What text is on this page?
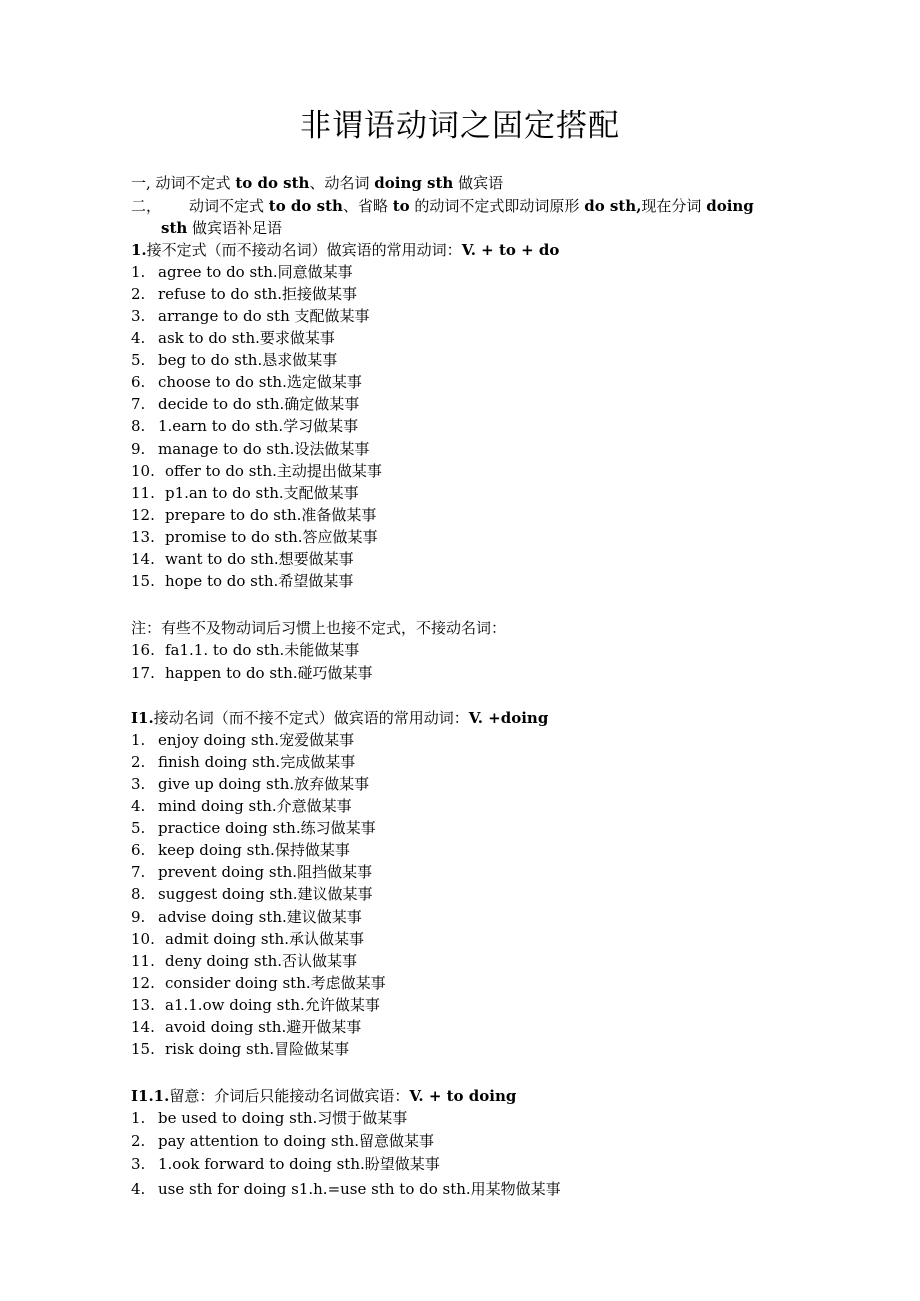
非谓语动词之固定搭配
一, 动词不定式 to do sth、动名词 doing sth 做宾语
二， 动词不定式 to do sth、省略 to 的动词不定式即动词原形 do sth,现在分词 doing
sth 做宾语补足语
1.接不定式（而不接动名词）做宾语的常用动词：V. + to + do
1. agree to do sth.同意做某事
2. refuse to do sth.拒接做某事
3. arrange to do sth 支配做某事
4. ask to do sth.要求做某事
5. beg to do sth.恳求做某事
6. choose to do sth.选定做某事
7. decide to do sth.确定做某事
8. 1.earn to do sth.学习做某事
9. manage to do sth.设法做某事
10. offer to do sth.主动提出做某事
11. p1.an to do sth.支配做某事
12. prepare to do sth.准备做某事
13. promise to do sth.答应做某事
14. want to do sth.想要做某事
15. hope to do sth.希望做某事
注：有些不及物动词后习惯上也接不定式，不接动名词：
16. fa1.1. to do sth.未能做某事
17. happen to do sth.碰巧做某事
I1.接动名词（而不接不定式）做宾语的常用动词：V. +doing
1. enjoy doing sth.宠爱做某事
2. finish doing sth.完成做某事
3. give up doing sth.放弃做某事
4. mind doing sth.介意做某事
5. practice doing sth.练习做某事
6. keep doing sth.保持做某事
7. prevent doing sth.阻挡做某事
8. suggest doing sth.建议做某事
9. advise doing sth.建议做某事
10. admit doing sth.承认做某事
11. deny doing sth.否认做某事
12. consider doing sth.考虑做某事
13. a1.1.ow doing sth.允许做某事
14. avoid doing sth.避开做某事
15. risk doing sth.冒险做某事
I1.1.留意：介词后只能接动名词做宾语：V. + to doing
1. be used to doing sth.习惯于做某事
2. pay attention to doing sth.留意做某事
3. 1.ook forward to doing sth.盼望做某事
4. use sth for doing s1.h.=use sth to do sth.用某物做某事
